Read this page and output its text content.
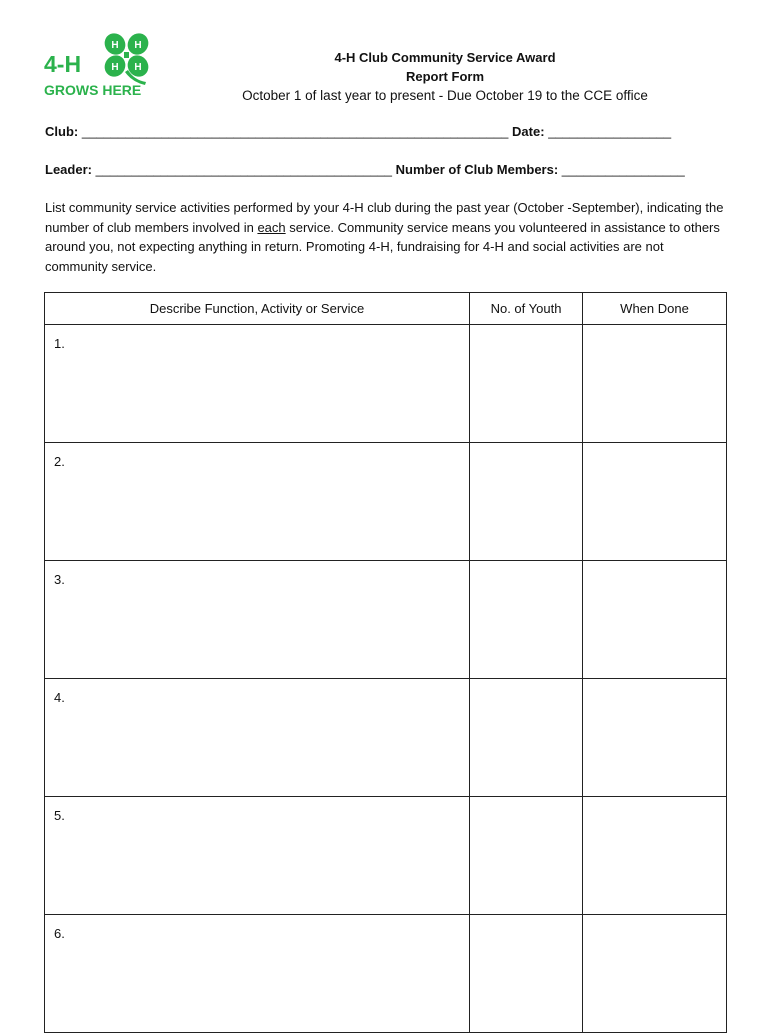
H H
H H
4-H
GROWS HERE
4-H Club Community Service Award
Report Form
October 1 of last year to present - Due October 19 to the CCE office
Club: ___________________________________________________________ Date: _________________
Leader: _________________________________________ Number of Club Members: _________________
List community service activities performed by your 4-H club during the past year (October -September), indicating the number of club members involved in each service. Community service means you volunteered in assistance to others around you, not expecting anything in return. Promoting 4-H, fundraising for 4-H and social activities are not community service.
Describe Function, Activity or Service	No. of Youth	When Done
1.		
2.		
3.		
4.		
5.		
6.		
